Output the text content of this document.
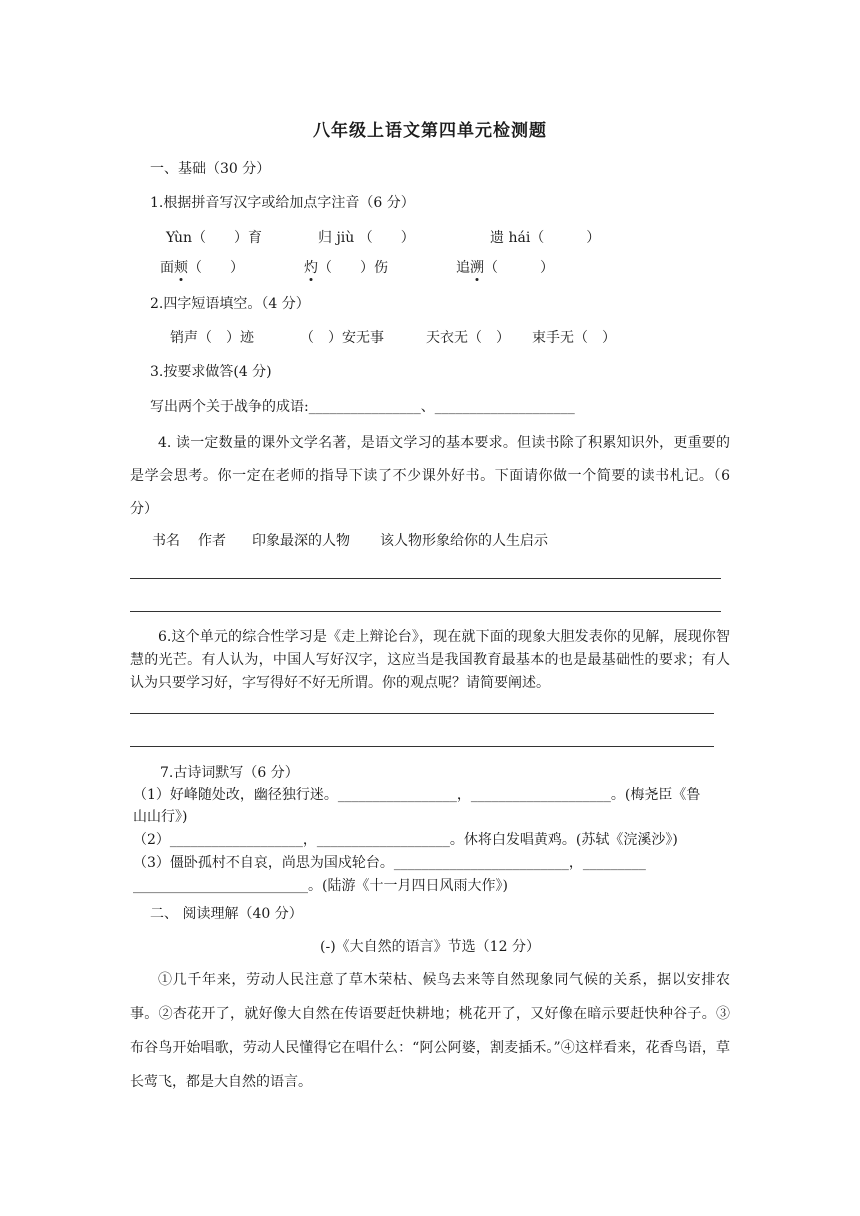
八年级上语文第四单元检测题
一、基础（30 分）
1.根据拼音写汉字或给加点字注音（6 分）
Yùn（　　）育	归 jiù （　　）	遗 hái（　　　）
面颊（　　）	灼（　　）伤	追溯（　　　）
2.四字短语填空。（4 分）
销声（　）迹	（　）安无事	天衣无（　） 束手无（　）
3.按要求做答(4 分)
写出两个关于战争的成语:________________、____________________
4. 读一定数量的课外文学名著，是语文学习的基本要求。但读书除了积累知识外，更重要的是学会思考。你一定在老师的指导下读了不少课外好书。下面请你做一个简要的读书札记。（6 分）
书名 作者 印象最深的人物 该人物形象给你的人生启示
6.这个单元的综合性学习是《走上辩论台》，现在就下面的现象大胆发表你的见解，展现你智慧的光芒。有人认为，中国人写好汉字，这应当是我国教育最基本的也是最基础性的要求；有人认为只要学习好，字写得好不好无所谓。你的观点呢？请简要阐述。
7.古诗词默写（6 分）
（1）好峰随处改，幽径独行迷。_________________，____________________。(梅尧臣《鲁
山山行》)
（2）___________________，___________________。休将白发唱黄鸡。(苏轼《浣溪沙》)
（3）僵卧孤村不自哀，尚思为国戍轮台。_________________________，_________
_________________________。(陆游《十一月四日风雨大作》)
二、 阅读理解（40 分）
(-)《大自然的语言》节选（12 分）
①几千年来，劳动人民注意了草木荣枯、候鸟去来等自然现象同气候的关系，据以安排农事。②杏花开了，就好像大自然在传语要赶快耕地；桃花开了，又好像在暗示要赶快种谷子。③布谷鸟开始唱歌，劳动人民懂得它在唱什么：“阿公阿婆，割麦插禾。”④这样看来，花香鸟语，草长莺飞，都是大自然的语言。
